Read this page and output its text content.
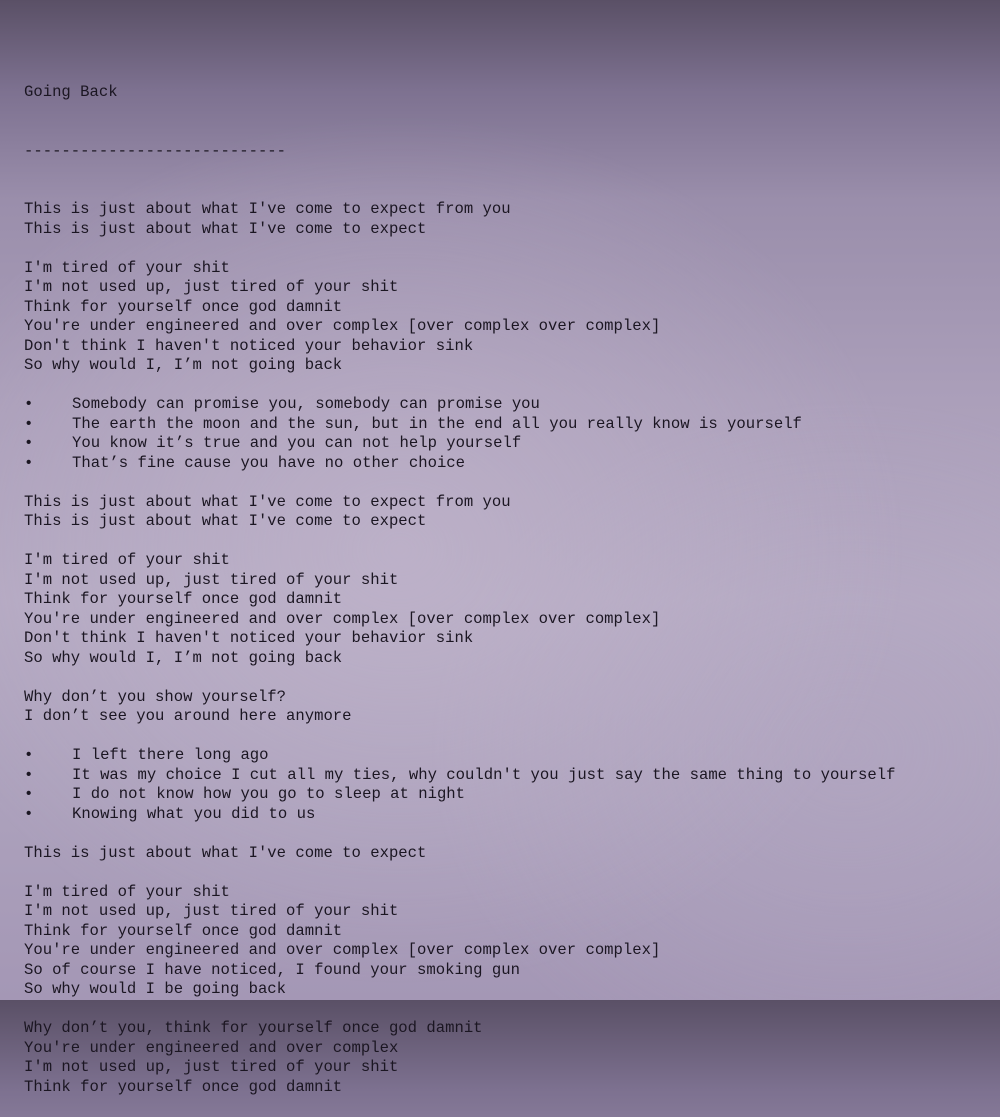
Going Back

----------------------------

This is just about what I've come to expect from you
This is just about what I've come to expect
I'm tired of your shit
I'm not used up, just tired of your shit
Think for yourself once god damnit
You're under engineered and over complex [over complex over complex]
Don't think I haven't noticed your behavior sink
So why would I, I’m not going back
•	Somebody can promise you, somebody can promise you
•	The earth the moon and the sun, but in the end all you really know is yourself
•	You know it’s true and you can not help yourself
•	That’s fine cause you have no other choice
This is just about what I've come to expect from you
This is just about what I've come to expect
I'm tired of your shit
I'm not used up, just tired of your shit
Think for yourself once god damnit
You're under engineered and over complex [over complex over complex]
Don't think I haven't noticed your behavior sink
So why would I, I’m not going back
Why don’t you show yourself?
I don’t see you around here anymore
•	I left there long ago
•	It was my choice I cut all my ties, why couldn't you just say the same thing to yourself
•	I do not know how you go to sleep at night
•	Knowing what you did to us
This is just about what I've come to expect
I'm tired of your shit
I'm not used up, just tired of your shit
Think for yourself once god damnit
You're under engineered and over complex [over complex over complex]
So of course I have noticed, I found your smoking gun
So why would I be going back
Why don’t you, think for yourself once god damnit
You're under engineered and over complex
I'm not used up, just tired of your shit
Think for yourself once god damnit
